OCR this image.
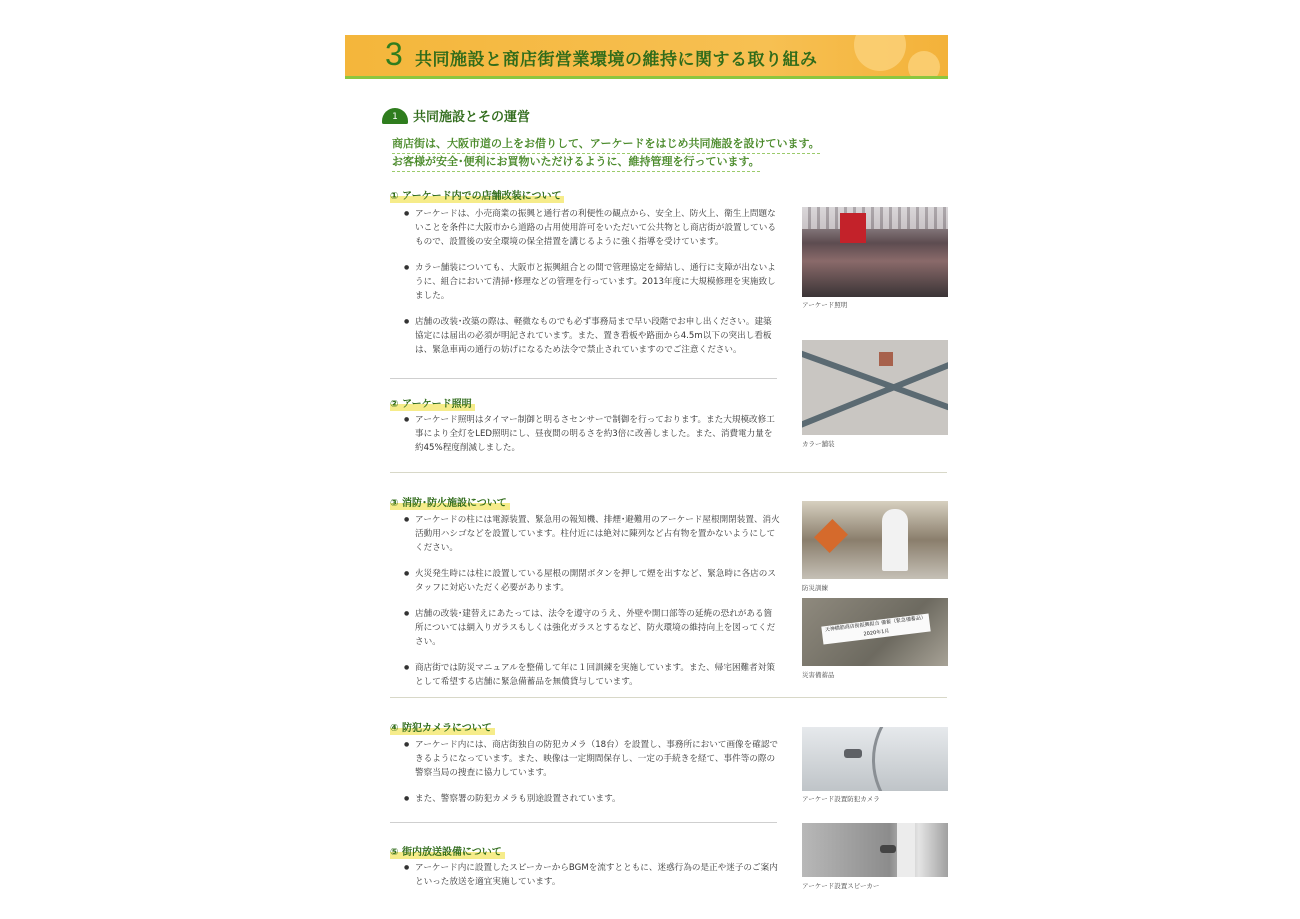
3 共同施設と商店街営業環境の維持に関する取り組み
1	共同施設とその運営
商店街は、大阪市道の上をお借りして、アーケードをはじめ共同施設を設けています。
お客様が安全･便利にお買物いただけるように、維持管理を行っています。
① アーケード内での店舗改装について
● アーケードは、小売商業の振興と通行者の利便性の観点から、安全上、防火上、衛生上問題ないことを条件に大阪市から道路の占用使用許可をいただいて公共物とし商店街が設置しているもので、設置後の安全環境の保全措置を講じるように強く指導を受けています。
● カラー舗装についても、大阪市と振興組合との間で管理協定を締結し、通行に支障が出ないように、組合において清掃･修理などの管理を行っています。2013年度に大規模修理を実施致しました。
● 店舗の改装･改築の際は、軽微なものでも必ず事務局まで早い段階でお申し出ください。建築協定には届出の必須が明記されています。また、置き看板や路面から4.5m以下の突出し看板は、緊急車両の通行の妨げになるため法令で禁止されていますのでご注意ください。
② アーケード照明
● アーケード照明はタイマー制御と明るさセンサーで制御を行っております。また大規模改修工事により全灯をLED照明にし、昼夜間の明るさを約3倍に改善しました。また、消費電力量を約45%程度削減しました。
③ 消防･防火施設について
● アーケードの柱には電源装置、緊急用の報知機、排煙･避難用のアーケード屋根開閉装置、消火活動用ハシゴなどを設置しています。柱付近には絶対に陳列など占有物を置かないようにしてください。
● 火災発生時には柱に設置している屋根の開閉ボタンを押して煙を出すなど、緊急時に各店のスタッフに対応いただく必要があります。
● 店舗の改装･建替えにあたっては、法令を遵守のうえ、外壁や開口部等の延焼の恐れがある箇所については網入りガラスもしくは強化ガラスとするなど、防火環境の維持向上を図ってください。
● 商店街では防災マニュアルを整備して年に１回訓練を実施しています。また、帰宅困難者対策として希望する店舗に緊急備蓄品を無償貸与しています。
④ 防犯カメラについて
● アーケード内には、商店街独自の防犯カメラ（18台）を設置し、事務所において画像を確認できるようになっています。また、映像は一定期間保存し、一定の手続きを経て、事件等の際の警察当局の捜査に協力しています。
● また、警察署の防犯カメラも別途設置されています。
⑤ 街内放送設備について
● アーケード内に設置したスピーカーからBGMを流すとともに、迷惑行為の是正や迷子のご案内といった放送を適宜実施しています。
アーケード照明
カラー舗装
防災訓練
天神橋筋商店街振興組合 備蓄（緊急備蓄品） 2020年1月
災害備蓄品
アーケード設置防犯カメラ
アーケード設置スピーカー
